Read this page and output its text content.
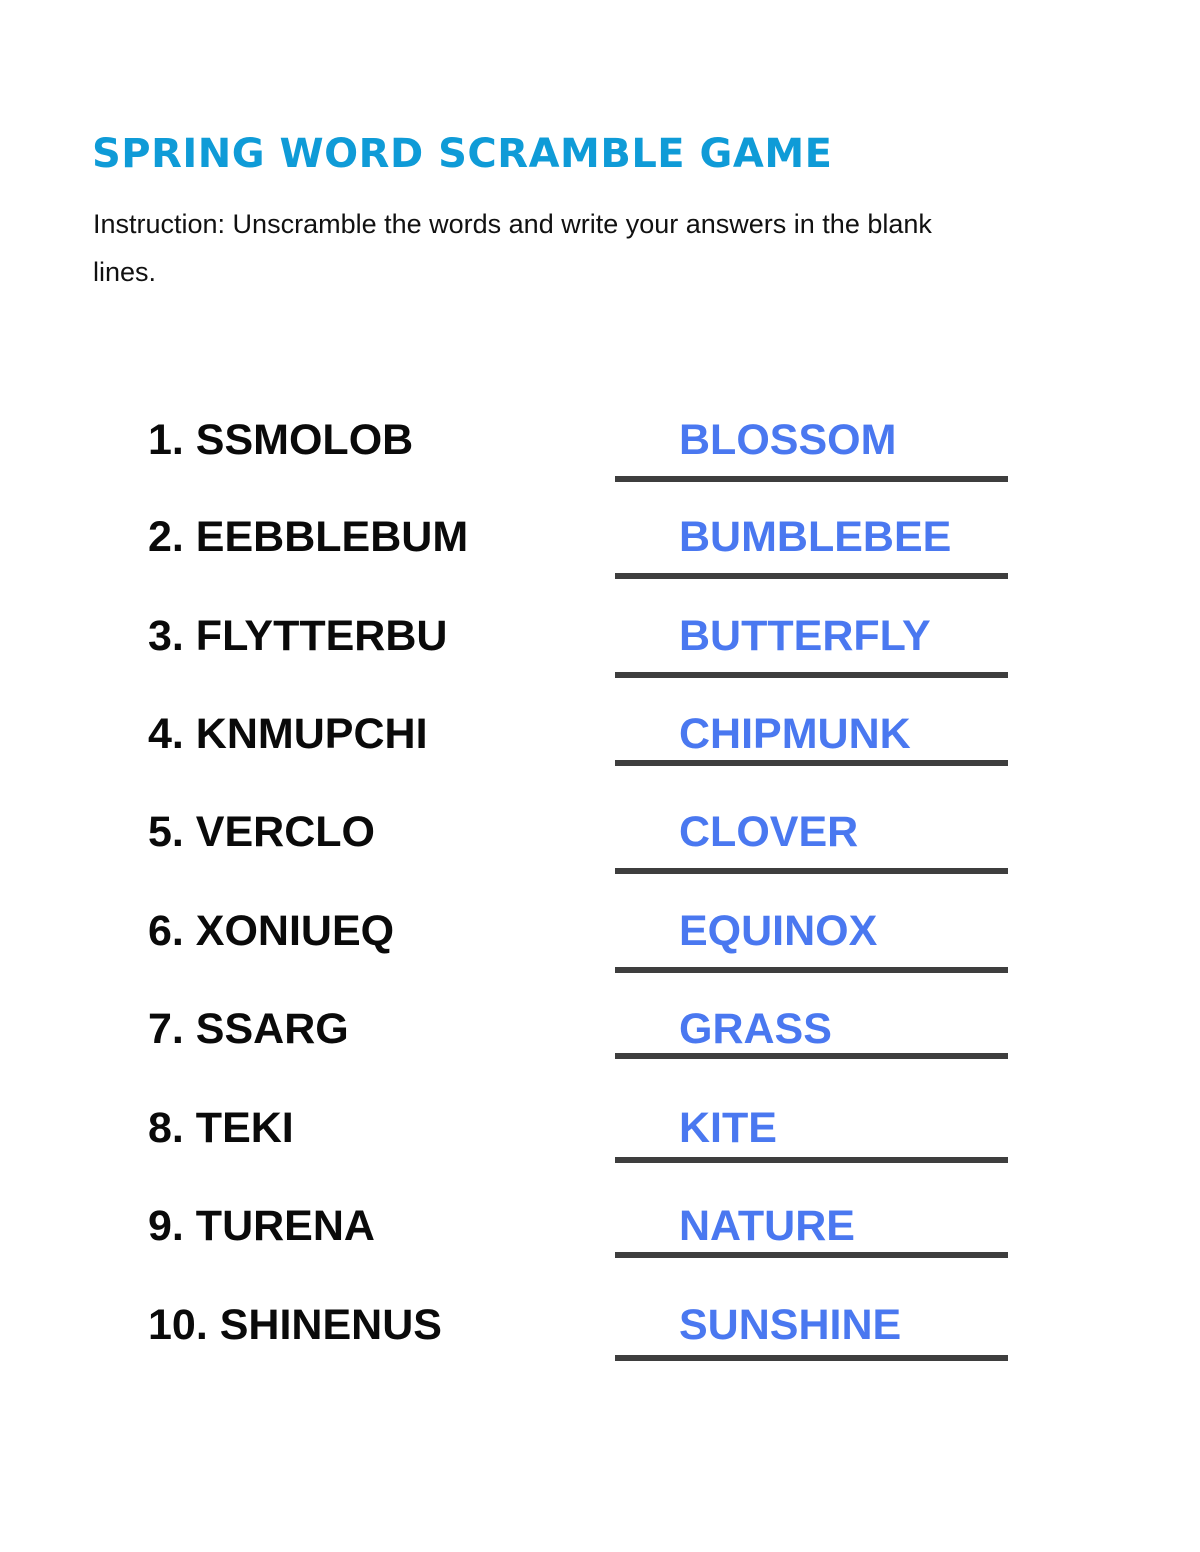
SPRING WORD SCRAMBLE GAME

Instruction: Unscramble the words and write your answers in the blank lines.

1. SSMOLOB	BLOSSOM
2. EEBBLEBUM	BUMBLEBEE
3. FLYTTERBU	BUTTERFLY
4. KNMUPCHI	CHIPMUNK
5. VERCLO	CLOVER
6. XONIUEQ	EQUINOX
7. SSARG	GRASS
8. TEKI	KITE
9. TURENA	NATURE
10. SHINENUS	SUNSHINE
